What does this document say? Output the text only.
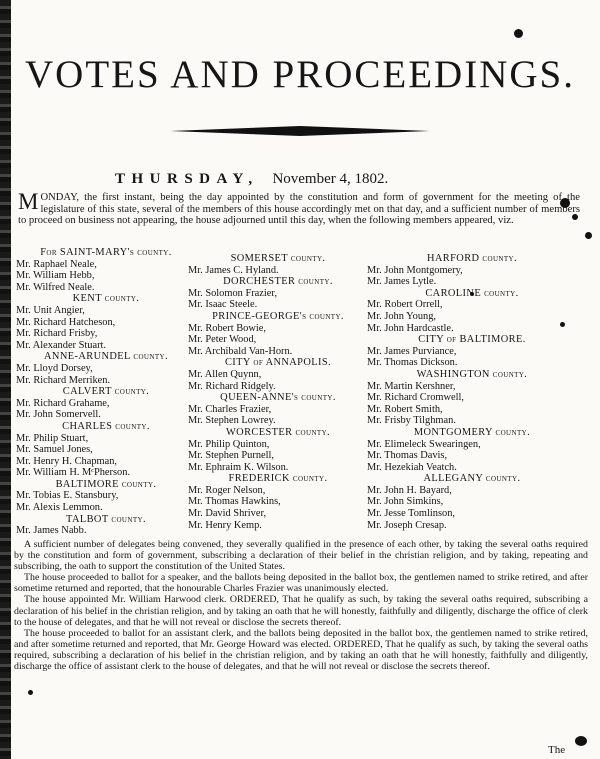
VOTES AND PROCEEDINGS.
THURSDAY, November 4, 1802.
MONDAY, the first instant, being the day appointed by the constitution and form of government for the meeting of the legislature of this state, several of the members of this house accordingly met on that day, and a sufficient number of members to proceed on business not appearing, the house adjourned until this day, when the following members appeared, viz.
For SAINT-MARY's county.
Mr. Raphael Neale,
Mr. William Hebb,
Mr. Wilfred Neale.
KENT county.
Mr. Unit Angier,
Mr. Richard Hatcheson,
Mr. Richard Frisby,
Mr. Alexander Stuart.
ANNE-ARUNDEL county.
Mr. Lloyd Dorsey,
Mr. Richard Merriken.
CALVERT county.
Mr. Richard Grahame,
Mr. John Somervell.
CHARLES county.
Mr. Philip Stuart,
Mr. Samuel Jones,
Mr. Henry H. Chapman,
Mr. William H. MᶜPherson.
BALTIMORE county.
Mr. Tobias E. Stansbury,
Mr. Alexis Lemmon.
TALBOT county.
Mr. James Nabb.
SOMERSET county.
Mr. James C. Hyland.
DORCHESTER county.
Mr. Solomon Frazier,
Mr. Isaac Steele.
PRINCE-GEORGE's county.
Mr. Robert Bowie,
Mr. Peter Wood,
Mr. Archibald Van-Horn.
CITY of ANNAPOLIS.
Mr. Allen Quynn,
Mr. Richard Ridgely.
QUEEN-ANNE's county.
Mr. Charles Frazier,
Mr. Stephen Lowrey.
WORCESTER county.
Mr. Philip Quinton,
Mr. Stephen Purnell,
Mr. Ephraim K. Wilson.
FREDERICK county.
Mr. Roger Nelson,
Mr. Thomas Hawkins,
Mr. David Shriver,
Mr. Henry Kemp.
HARFORD county.
Mr. John Montgomery,
Mr. James Lytle.
CAROLINE county.
Mr. Robert Orrell,
Mr. John Young,
Mr. John Hardcastle.
CITY of BALTIMORE.
Mr. James Purviance,
Mr. Thomas Dickson.
WASHINGTON county.
Mr. Martin Kershner,
Mr. Richard Cromwell,
Mr. Robert Smith,
Mr. Frisby Tilghman.
MONTGOMERY county.
Mr. Elimeleck Swearingen,
Mr. Thomas Davis,
Mr. Hezekiah Veatch.
ALLEGANY county.
Mr. John H. Bayard,
Mr. John Simkins,
Mr. Jesse Tomlinson,
Mr. Joseph Cresap.

A sufficient number of delegates being convened, they severally qualified in the presence of each other, by taking the several oaths required by the constitution and form of government, subscribing a declaration of their belief in the christian religion, and by taking, repeating and subscribing, the oath to support the constitution of the United States.

The house proceeded to ballot for a speaker, and the ballots being deposited in the ballot box, the gentlemen named to strike retired, and after sometime returned and reported, that the honourable Charles Frazier was unanimously elected.

The house appointed Mr. William Harwood clerk. ORDERED, That he qualify as such, by taking the several oaths required, subscribing a declaration of his belief in the christian religion, and by taking an oath that he will honestly, faithfully and diligently, discharge the office of clerk to the house of delegates, and that he will not reveal or disclose the secrets thereof.

The house proceeded to ballot for an assistant clerk, and the ballots being deposited in the ballot box, the gentlemen named to strike retired, and after sometime returned and reported, that Mr. George Howard was elected. ORDERED, That he qualify as such, by taking the several oaths required, subscribing a declaration of his belief in the christian religion, and by taking an oath that he will honestly, faithfully and diligently, discharge the office of assistant clerk to the house of delegates, and that he will not reveal or disclose the secrets thereof.

The
